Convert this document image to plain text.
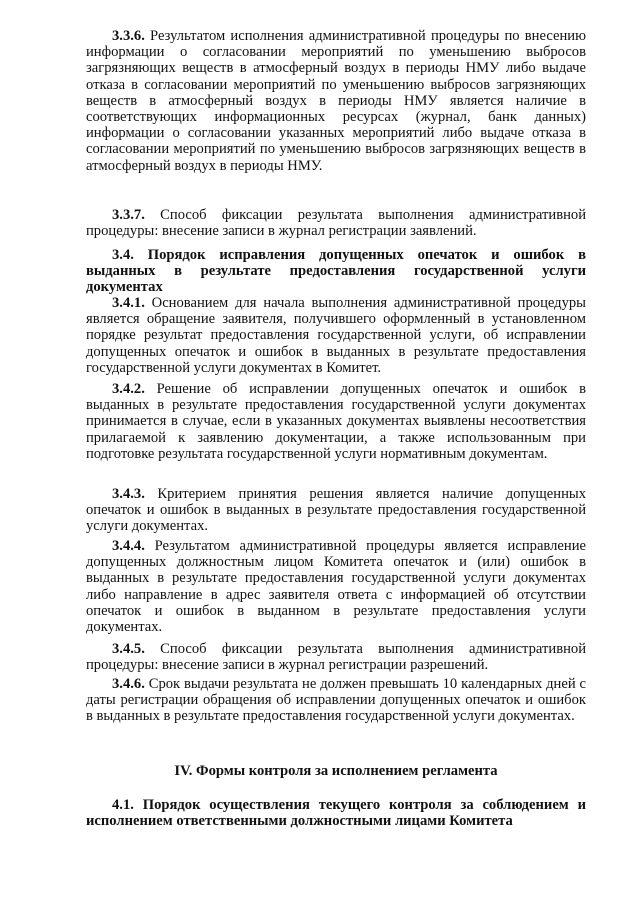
3.3.6. Результатом исполнения административной процедуры по внесению информации о согласовании мероприятий по уменьшению выбросов загрязняющих веществ в атмосферный воздух в периоды НМУ либо выдаче отказа в согласовании мероприятий по уменьшению выбросов загрязняющих веществ в атмосферный воздух в периоды НМУ является наличие в соответствующих информационных ресурсах (журнал, банк данных) информации о согласовании указанных мероприятий либо выдаче отказа в согласовании мероприятий по уменьшению выбросов загрязняющих веществ в атмосферный воздух в периоды НМУ.

3.3.7. Способ фиксации результата выполнения административной процедуры: внесение записи в журнал регистрации заявлений.

3.4. Порядок исправления допущенных опечаток и ошибок в выданных в результате предоставления государственной услуги документах

3.4.1. Основанием для начала выполнения административной процедуры является обращение заявителя, получившего оформленный в установленном порядке результат предоставления государственной услуги, об исправлении допущенных опечаток и ошибок в выданных в результате предоставления государственной услуги документах в Комитет.

3.4.2. Решение об исправлении допущенных опечаток и ошибок в выданных в результате предоставления государственной услуги документах принимается в случае, если в указанных документах выявлены несоответствия прилагаемой к заявлению документации, а также использованным при подготовке результата государственной услуги нормативным документам.

3.4.3. Критерием принятия решения является наличие допущенных опечаток и ошибок в выданных в результате предоставления государственной услуги документах.

3.4.4. Результатом административной процедуры является исправление допущенных должностным лицом Комитета опечаток и (или) ошибок в выданных в результате предоставления государственной услуги документах либо направление в адрес заявителя ответа с информацией об отсутствии опечаток и ошибок в выданном в результате предоставления услуги документах.

3.4.5. Способ фиксации результата выполнения административной процедуры: внесение записи в журнал регистрации разрешений.

3.4.6. Срок выдачи результата не должен превышать 10 календарных дней с даты регистрации обращения об исправлении допущенных опечаток и ошибок в выданных в результате предоставления государственной услуги документах.

IV. Формы контроля за исполнением регламента

4.1. Порядок осуществления текущего контроля за соблюдением и исполнением ответственными должностными лицами Комитета
